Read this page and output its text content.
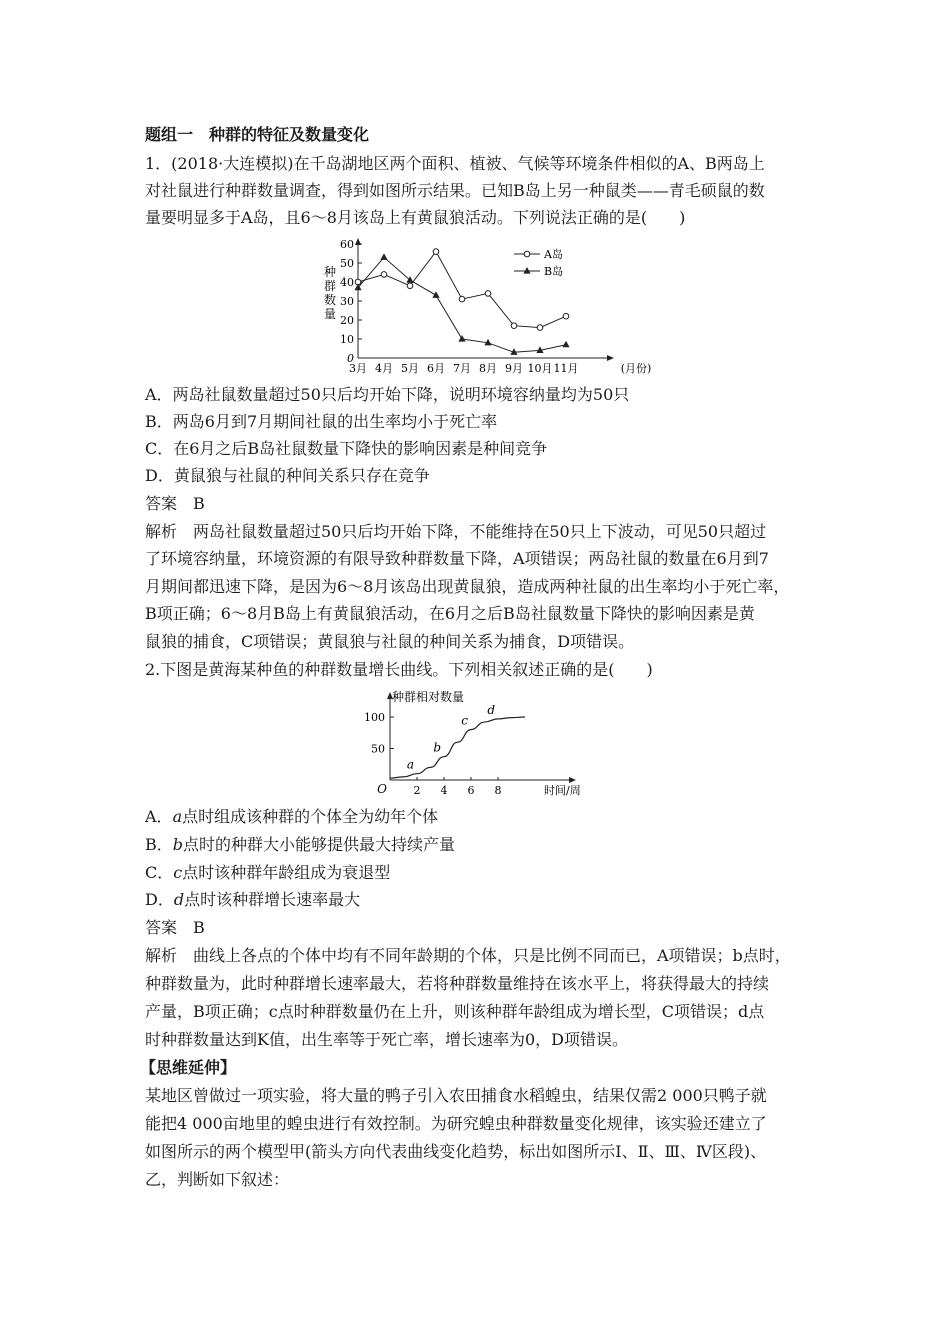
题组一　种群的特征及数量变化
1．(2018·大连模拟)在千岛湖地区两个面积、植被、气候等环境条件相似的A、B两岛上
对社鼠进行种群数量调查，得到如图所示结果。已知B岛上另一种鼠类——青毛硕鼠的数
量要明显多于A岛，且6～8月该岛上有黄鼠狼活动。下列说法正确的是(　　)
0
10
20
30
40
50
60
种
群
数
量
3月 4月 5月 6月 7月 8月 9月 10月 11月	(月份)
A岛
B岛
A．两岛社鼠数量超过50只后均开始下降，说明环境容纳量均为50只
B．两岛6月到7月期间社鼠的出生率均小于死亡率
C．在6月之后B岛社鼠数量下降快的影响因素是种间竞争
D．黄鼠狼与社鼠的种间关系只存在竞争
答案　B
解析　两岛社鼠数量超过50只后均开始下降，不能维持在50只上下波动，可见50只超过
了环境容纳量，环境资源的有限导致种群数量下降，A项错误；两岛社鼠的数量在6月到7
月期间都迅速下降，是因为6～8月该岛出现黄鼠狼，造成两种社鼠的出生率均小于死亡率，
B项正确；6～8月B岛上有黄鼠狼活动，在6月之后B岛社鼠数量下降快的影响因素是黄
鼠狼的捕食，C项错误；黄鼠狼与社鼠的种间关系为捕食，D项错误。
2.下图是黄海某种鱼的种群数量增长曲线。下列相关叙述正确的是(　　)
种群相对数量
O
50
100
2 4 6 8	时间/周
a
b
c
d
A．a点时组成该种群的个体全为幼年个体
B．b点时的种群大小能够提供最大持续产量
C．c点时该种群年龄组成为衰退型
D．d点时该种群增长速率最大
答案　B
解析　曲线上各点的个体中均有不同年龄期的个体，只是比例不同而已，A项错误；b点时，
种群数量为，此时种群增长速率最大，若将种群数量维持在该水平上，将获得最大的持续
产量，B项正确；c点时种群数量仍在上升，则该种群年龄组成为增长型，C项错误；d点
时种群数量达到K值，出生率等于死亡率，增长速率为0，D项错误。
【思维延伸】
某地区曾做过一项实验，将大量的鸭子引入农田捕食水稻蝗虫，结果仅需2 000只鸭子就
能把4 000亩地里的蝗虫进行有效控制。为研究蝗虫种群数量变化规律，该实验还建立了
如图所示的两个模型甲(箭头方向代表曲线变化趋势，标出如图所示Ⅰ、Ⅱ、Ⅲ、Ⅳ区段)、
乙，判断如下叙述：
